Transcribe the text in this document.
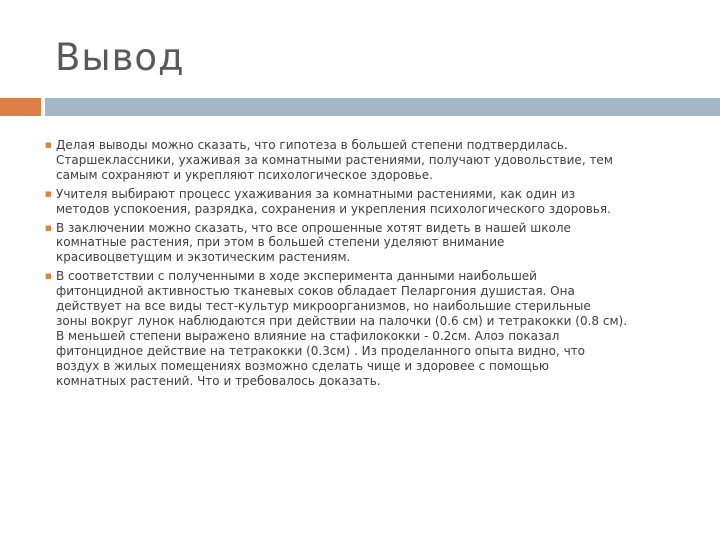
Вывод
■ Делая выводы можно сказать, что гипотеза в большей степени подтвердилась.
Старшеклассники, ухаживая за комнатными растениями, получают удовольствие, тем
самым сохраняют и укрепляют психологическое здоровье.
■ Учителя выбирают процесс ухаживания за комнатными растениями, как один из
методов успокоения, разрядка, сохранения и укрепления психологического здоровья.
■ В заключении можно сказать, что все опрошенные хотят видеть в нашей школе
комнатные растения, при этом в большей степени уделяют внимание
красивоцветущим и экзотическим растениям.
■ В соответствии с полученными в ходе эксперимента данными наибольшей
фитонцидной активностью тканевых соков обладает Пеларгония душистая. Она
действует на все виды тест-культур микроорганизмов, но наибольшие стерильные
зоны вокруг лунок наблюдаются при действии на палочки (0.6 см) и тетракокки (0.8 см).
В меньшей степени выражено влияние на стафилококки - 0.2см. Алоэ показал
фитонцидное действие на тетракокки (0.3см) . Из проделанного опыта видно, что
воздух в жилых помещениях возможно сделать чище и здоровее с помощью
комнатных растений. Что и требовалось доказать.
